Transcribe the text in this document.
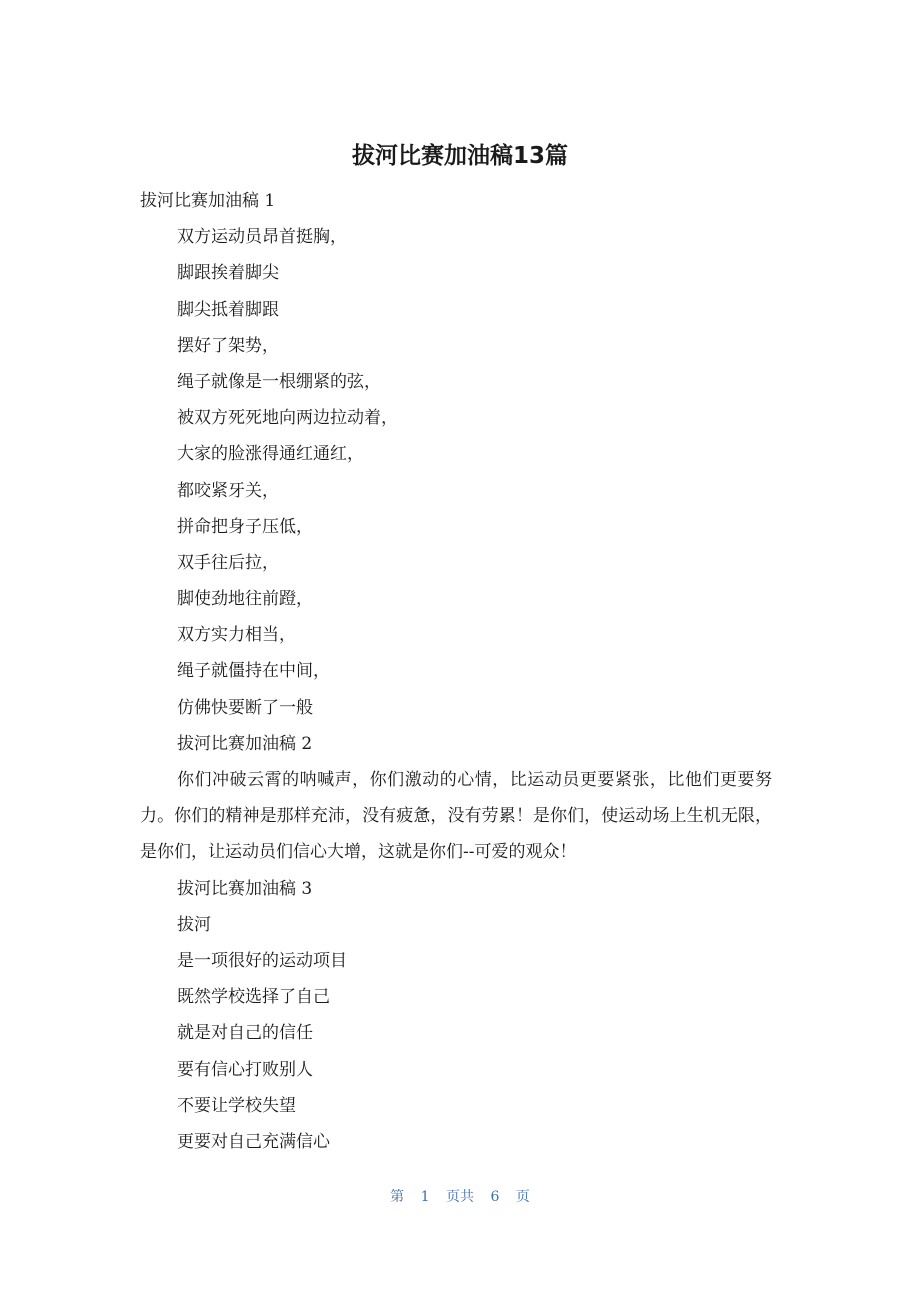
拔河比赛加油稿13篇

拔河比赛加油稿 1

双方运动员昂首挺胸，

脚跟挨着脚尖

脚尖抵着脚跟

摆好了架势，

绳子就像是一根绷紧的弦，

被双方死死地向两边拉动着，

大家的脸涨得通红通红，

都咬紧牙关，

拼命把身子压低，

双手往后拉，

脚使劲地往前蹬，

双方实力相当，

绳子就僵持在中间，

仿佛快要断了一般

拔河比赛加油稿 2

你们冲破云霄的呐喊声，你们激动的心情，比运动员更要紧张，比他们更要努力。你们的精神是那样充沛，没有疲惫，没有劳累！是你们，使运动场上生机无限，是你们，让运动员们信心大增，这就是你们--可爱的观众！

拔河比赛加油稿 3

拔河

是一项很好的运动项目

既然学校选择了自己

就是对自己的信任

要有信心打败别人

不要让学校失望

更要对自己充满信心

第 1 页共 6 页
